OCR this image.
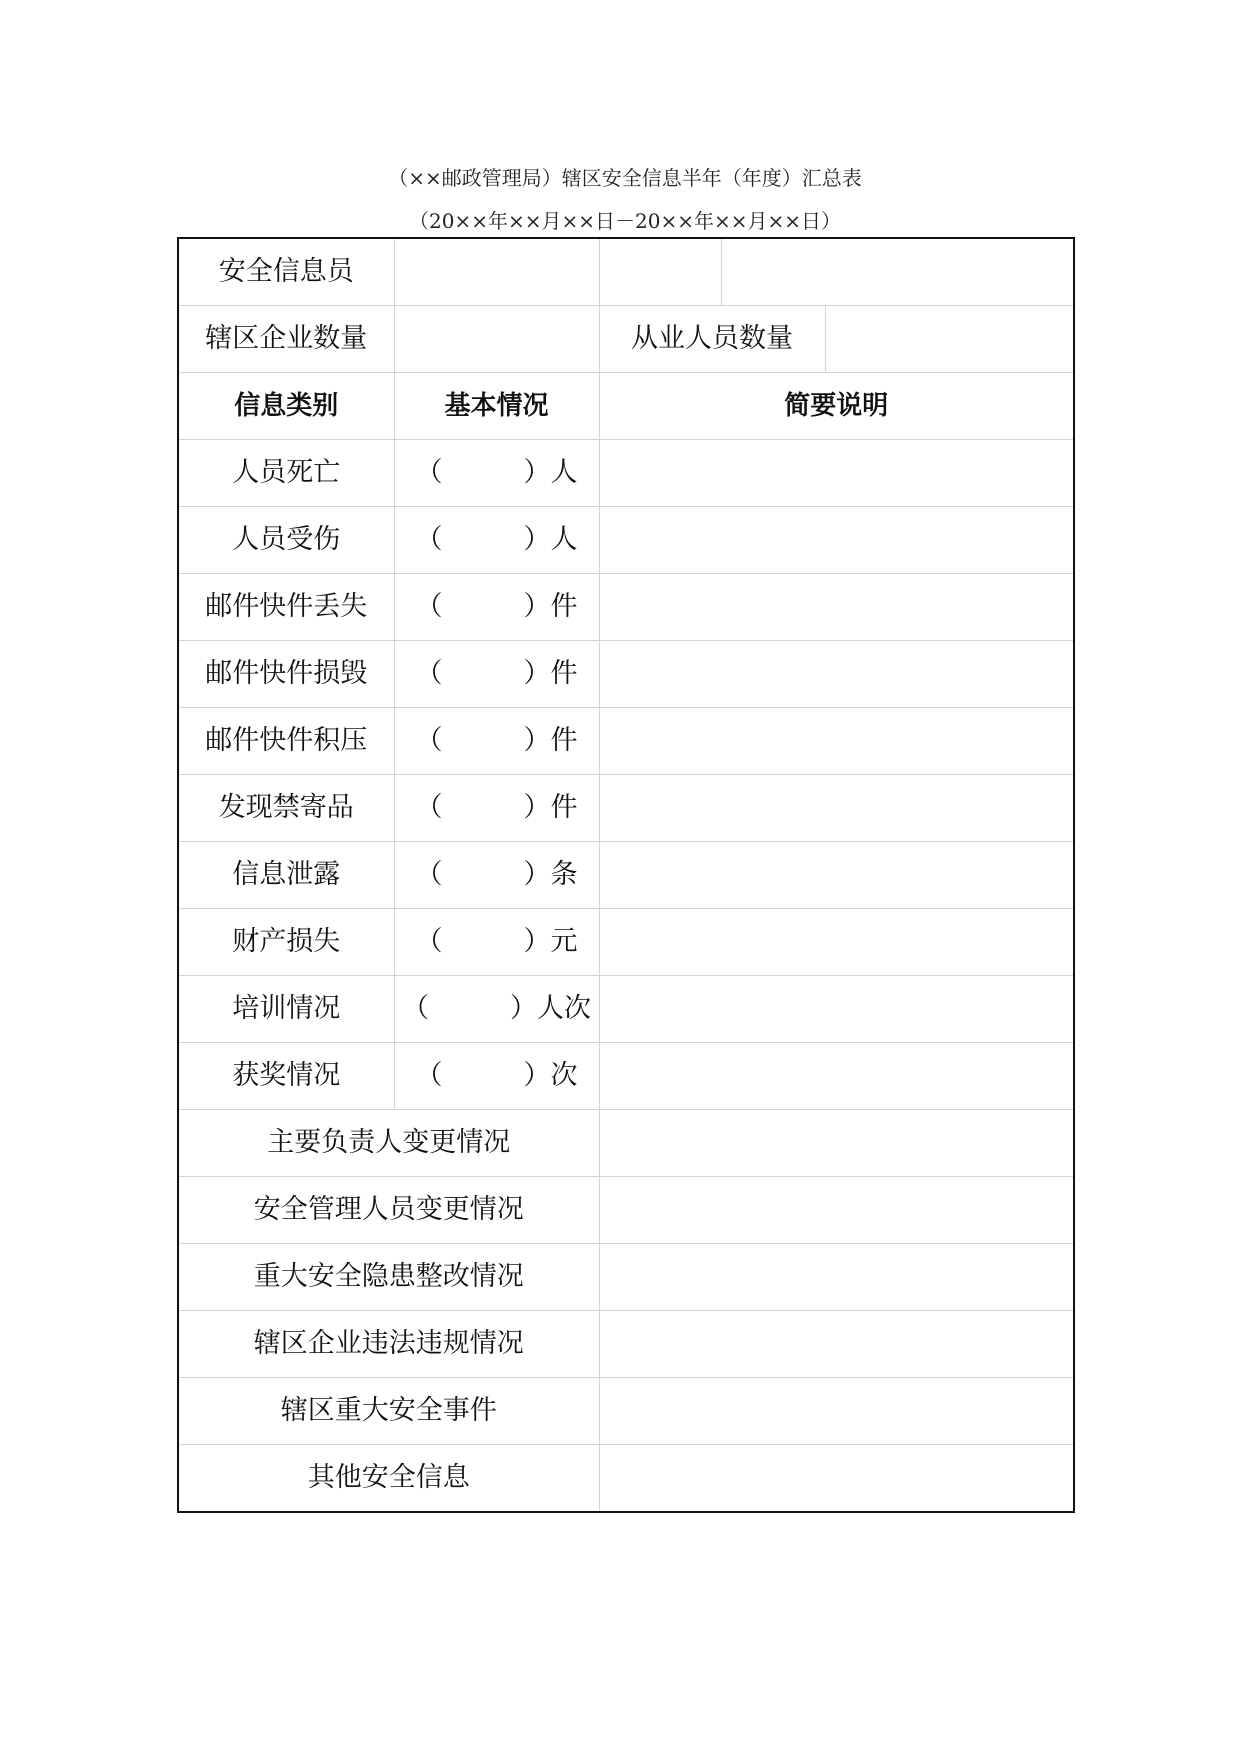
（××邮政管理局）辖区安全信息半年（年度）汇总表
（20××年××月××日－20××年××月××日）
安全信息员				
辖区企业数量		从业人员数量		
信息类别	基本情况	简要说明		
人员死亡	（　　　）人			
人员受伤	（　　　）人			
邮件快件丢失	（　　　）件			
邮件快件损毁	（　　　）件			
邮件快件积压	（　　　）件			
发现禁寄品	（　　　）件			
信息泄露	（　　　）条			
财产损失	（　　　）元			
培训情况	（　　　）人次			
获奖情况	（　　　）次			
主要负责人变更情况				
安全管理人员变更情况				
重大安全隐患整改情况				
辖区企业违法违规情况				
辖区重大安全事件				
其他安全信息				
